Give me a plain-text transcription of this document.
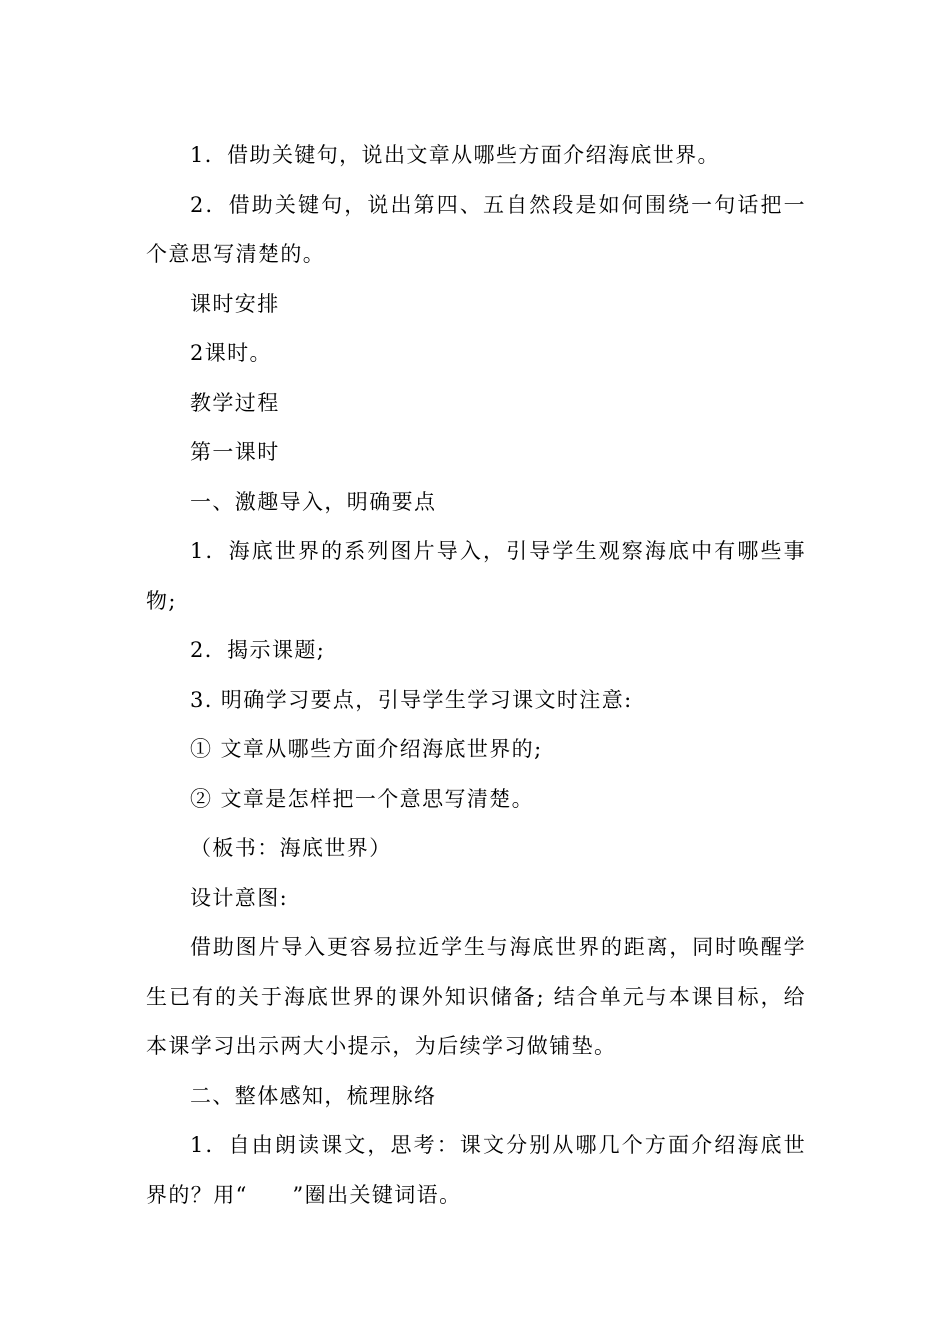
1．借助关键句，说出文章从哪些方面介绍海底世界。

2．借助关键句，说出第四、五自然段是如何围绕一句话把一个意思写清楚的。

课时安排

2课时。

教学过程

第一课时

一、激趣导入，明确要点

1．海底世界的系列图片导入，引导学生观察海底中有哪些事物;

2．揭示课题;

3. 明确学习要点，引导学生学习课文时注意:

① 文章从哪些方面介绍海底世界的;

② 文章是怎样把一个意思写清楚。

（板书：海底世界）

设计意图:

借助图片导入更容易拉近学生与海底世界的距离，同时唤醒学生已有的关于海底世界的课外知识储备; 结合单元与本课目标，给本课学习出示两大小提示，为后续学习做铺垫。

二、整体感知，梳理脉络

1．自由朗读课文，思考：课文分别从哪几个方面介绍海底世界的？用“　　”圈出关键词语。
